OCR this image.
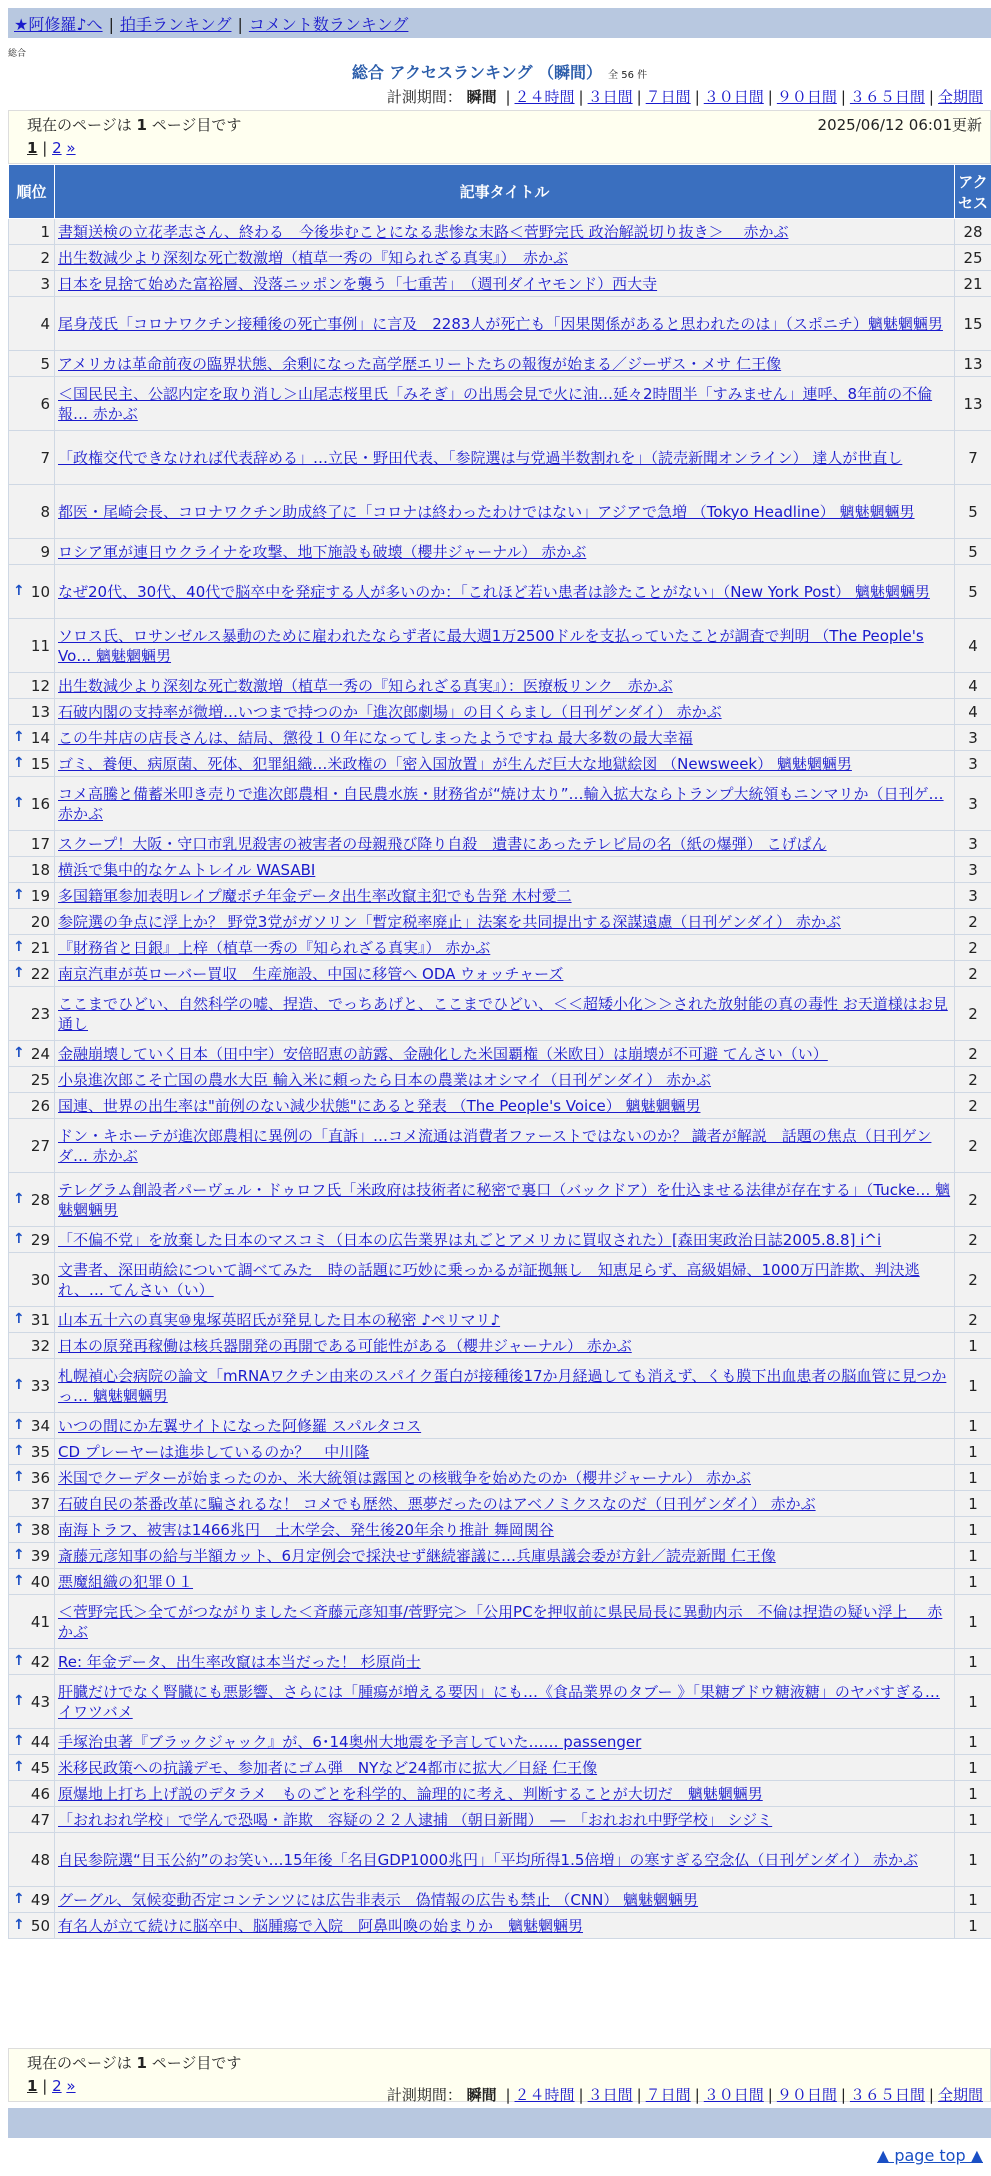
★阿修羅♪へ | 拍手ランキング | コメント数ランキング
総合
総合 アクセスランキング （瞬間） 全 56 件
計測期間： 瞬間 | ２４時間 | ３日間 | ７日間 | ３０日間 | ９０日間 | ３６５日間 | 全期間
現在のページは 1 ページ目です	2025/06/12 06:01更新
1 | 2 »
順位	記事タイトル	アクセス
1	書類送検の立花孝志さん、終わる　今後歩むことになる悲惨な末路＜菅野完氏 政治解説切り抜き＞　 赤かぶ	28
2	出生数減少より深刻な死亡数激増（植草一秀の『知られざる真実』）　赤かぶ	25
3	日本を見捨て始めた富裕層、没落ニッポンを襲う「七重苦」　（週刊ダイヤモンド）西大寺	21
4	尾身茂氏「コロナワクチン接種後の死亡事例」に言及　2283人が死亡も「因果関係があると思われたのは」（スポニチ）魑魅魍魎男	15
5	アメリカは革命前夜の臨界状態、余剰になった高学歴エリートたちの報復が始まる／ジーザス・メサ 仁王像	13
6	＜国民民主、公認内定を取り消し＞山尾志桜里氏「みそぎ」の出馬会見で火に油…延々2時間半「すみません」連呼、8年前の不倫報… 赤かぶ	13
7	「政権交代できなければ代表辞める」…立民・野田代表、「参院選は与党過半数割れを」（読売新聞オンライン） 達人が世直し	7
8	都医・尾崎会長、コロナワクチン助成終了に「コロナは終わったわけではない」アジアで急増 （Tokyo Headline） 魑魅魍魎男	5
9	ロシア軍が連日ウクライナを攻撃、地下施設も破壊（櫻井ジャーナル） 赤かぶ	5

↑ 10	なぜ20代、30代、40代で脳卒中を発症する人が多いのか：「これほど若い患者は診たことがない」（New York Post） 魑魅魍魎男	5
11	ソロス氏、ロサンゼルス暴動のために雇われたならず者に最大週1万2500ドルを支払っていたことが調査で判明 （The People's Vo… 魑魅魍魎男	4
12	出生数減少より深刻な死亡数激増（植草一秀の『知られざる真実』）：医療板リンク　赤かぶ	4
13	石破内閣の支持率が微増…いつまで持つのか「進次郎劇場」の目くらまし（日刊ゲンダイ） 赤かぶ	4

↑ 14	この牛丼店の店長さんは、結局、懲役１０年になってしまったようですね 最大多数の最大幸福	3

↑ 15	ゴミ、養便、病原菌、死体、犯罪組織…米政権の「密入国放置」が生んだ巨大な地獄絵図 （Newsweek） 魑魅魍魎男	3

↑ 16	コメ高騰と備蓄米叩き売りで進次郎農相・自民農水族・財務省が“焼け太り”…輸入拡大ならトランプ大統領もニンマリか（日刊ゲ… 赤かぶ	3
17	スクープ！大阪・守口市乳児殺害の被害者の母親飛び降り自殺　遺書にあったテレビ局の名（紙の爆弾） こげぱん	3
18	横浜で集中的なケムトレイル WASABI	3

↑ 19	多国籍軍参加表明レイプ魔ボチ年金データ出生率改竄主犯でも告発 木村愛二	3
20	参院選の争点に浮上か？ 野党3党がガソリン「暫定税率廃止」法案を共同提出する深謀遠慮（日刊ゲンダイ） 赤かぶ	2

↑ 21	『財務省と日銀』上梓（植草一秀の『知られざる真実』） 赤かぶ	2

↑ 22	南京汽車が英ローバー買収　生産施設、中国に移管へ ODA ウォッチャーズ	2
23	ここまでひどい、自然科学の嘘、捏造、でっちあげと、ここまでひどい、＜＜超矮小化＞＞された放射能の真の毒性 お天道様はお見通し	2

↑ 24	金融崩壊していく日本（田中宇）安倍昭恵の訪露、金融化した米国覇権（米欧日）は崩壊が不可避 てんさい（い）	2
25	小泉進次郎こそ亡国の農水大臣 輸入米に頼ったら日本の農業はオシマイ（日刊ゲンダイ） 赤かぶ	2
26	国連、世界の出生率は"前例のない減少状態"にあると発表 （The People's Voice） 魑魅魍魎男	2
27	ドン・キホーテが進次郎農相に異例の「直訴」…コメ流通は消費者ファーストではないのか？ 識者が解説　話題の焦点（日刊ゲンダ… 赤かぶ	2

↑ 28	テレグラム創設者パーヴェル・ドゥロフ氏「米政府は技術者に秘密で裏口（バックドア）を仕込ませる法律が存在する」（Tucke… 魑魅魍魎男	2

↑ 29	「不偏不党」を放棄した日本のマスコミ（日本の広告業界は丸ごとアメリカに買収された）[森田実政治日誌2005.8.8] i^i	2
30	文書者、深田萌絵について調べてみた　時の話題に巧妙に乗っかるが証拠無し　知恵足らず、高級娼婦、1000万円詐欺、判決逃れ、… てんさい（い）	2

↑ 31	山本五十六の真実⑩鬼塚英昭氏が発見した日本の秘密 ♪ペリマリ♪	2
32	日本の原発再稼働は核兵器開発の再開である可能性がある（櫻井ジャーナル） 赤かぶ	1

↑ 33	札幌禎心会病院の論文「mRNAワクチン由来のスパイク蛋白が接種後17か月経過しても消えず、くも膜下出血患者の脳血管に見つかっ… 魑魅魍魎男	1

↑ 34	いつの間にか左翼サイトになった阿修羅 スパルタコス	1

↑ 35	CD プレーヤーは進歩しているのか？　中川隆	1

↑ 36	米国でクーデターが始まったのか、米大統領は露国との核戦争を始めたのか（櫻井ジャーナル） 赤かぶ	1
37	石破自民の茶番改革に騙されるな！ コメでも歴然、悪夢だったのはアベノミクスなのだ（日刊ゲンダイ） 赤かぶ	1

↑ 38	南海トラフ、被害は1466兆円　土木学会、発生後20年余り推計 舞岡関谷	1

↑ 39	斎藤元彦知事の給与半額カット、6月定例会で採決せず継続審議に…兵庫県議会委が方針／読売新聞 仁王像	1

↑ 40	悪魔組織の犯罪０１	1
41	＜菅野完氏＞全てがつながりました＜斉藤元彦知事/菅野完＞「公用PCを押収前に県民局長に異動内示　不倫は捏造の疑い浮上　 赤かぶ	1

↑ 42	Re: 年金データ、出生率改竄は本当だった！ 杉原尚士	1

↑ 43	肝臓だけでなく腎臓にも悪影響、さらには「腫瘍が増える要因」にも…《食品業界のタブー 》「果糖ブドウ糖液糖」のヤバすぎる… イワツバメ	1

↑ 44	手塚治虫著『ブラックジャック』が、6･14奥州大地震を予言していた…… passenger	1

↑ 45	米移民政策への抗議デモ、参加者にゴム弾　NYなど24都市に拡大／日経 仁王像	1
46	原爆地上打ち上げ説のデタラメ　ものごとを科学的、論理的に考え、判断することが大切だ　魑魅魍魎男	1
47	「おれおれ学校」で学んで恐喝・詐欺　容疑の２２人逮捕 （朝日新聞）　―　「おれおれ中野学校」 シジミ	1
48	自民参院選“目玉公約”のお笑い…15年後「名目GDP1000兆円」「平均所得1.5倍増」の寒すぎる空念仏（日刊ゲンダイ） 赤かぶ	1

↑ 49	グーグル、気候変動否定コンテンツには広告非表示　偽情報の広告も禁止 （CNN） 魑魅魍魎男	1

↑ 50	有名人が立て続けに脳卒中、脳腫瘍で入院　阿鼻叫喚の始まりか　魑魅魍魎男	1
現在のページは 1 ページ目です
1 | 2 »	計測期間： 瞬間 | ２４時間 | ３日間 | ７日間 | ３０日間 | ９０日間 | ３６５日間 | 全期間
▲ page top ▲
